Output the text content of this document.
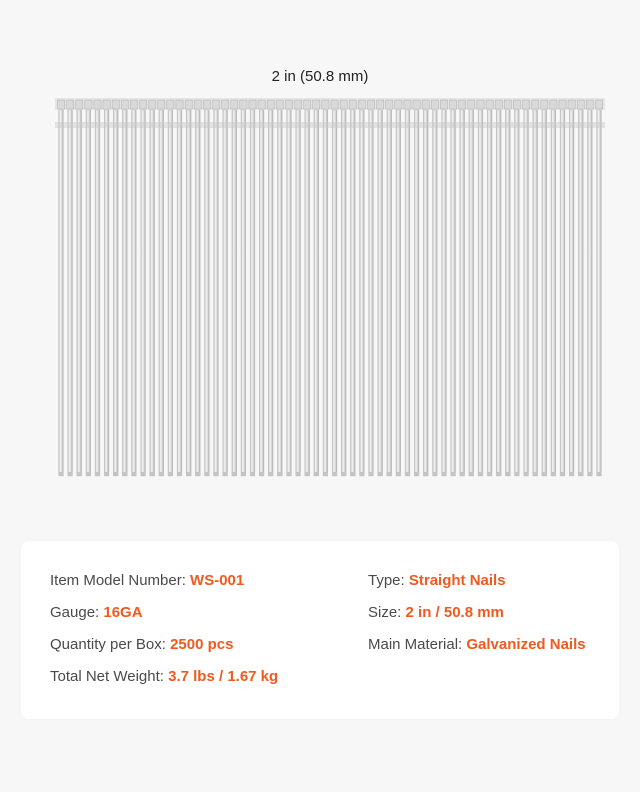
2 in (50.8 mm)
Item Model Number: WS-001
Gauge: 16GA
Quantity per Box: 2500 pcs
Total Net Weight: 3.7 lbs / 1.67 kg
Type: Straight Nails
Size: 2 in / 50.8 mm
Main Material: Galvanized Nails
